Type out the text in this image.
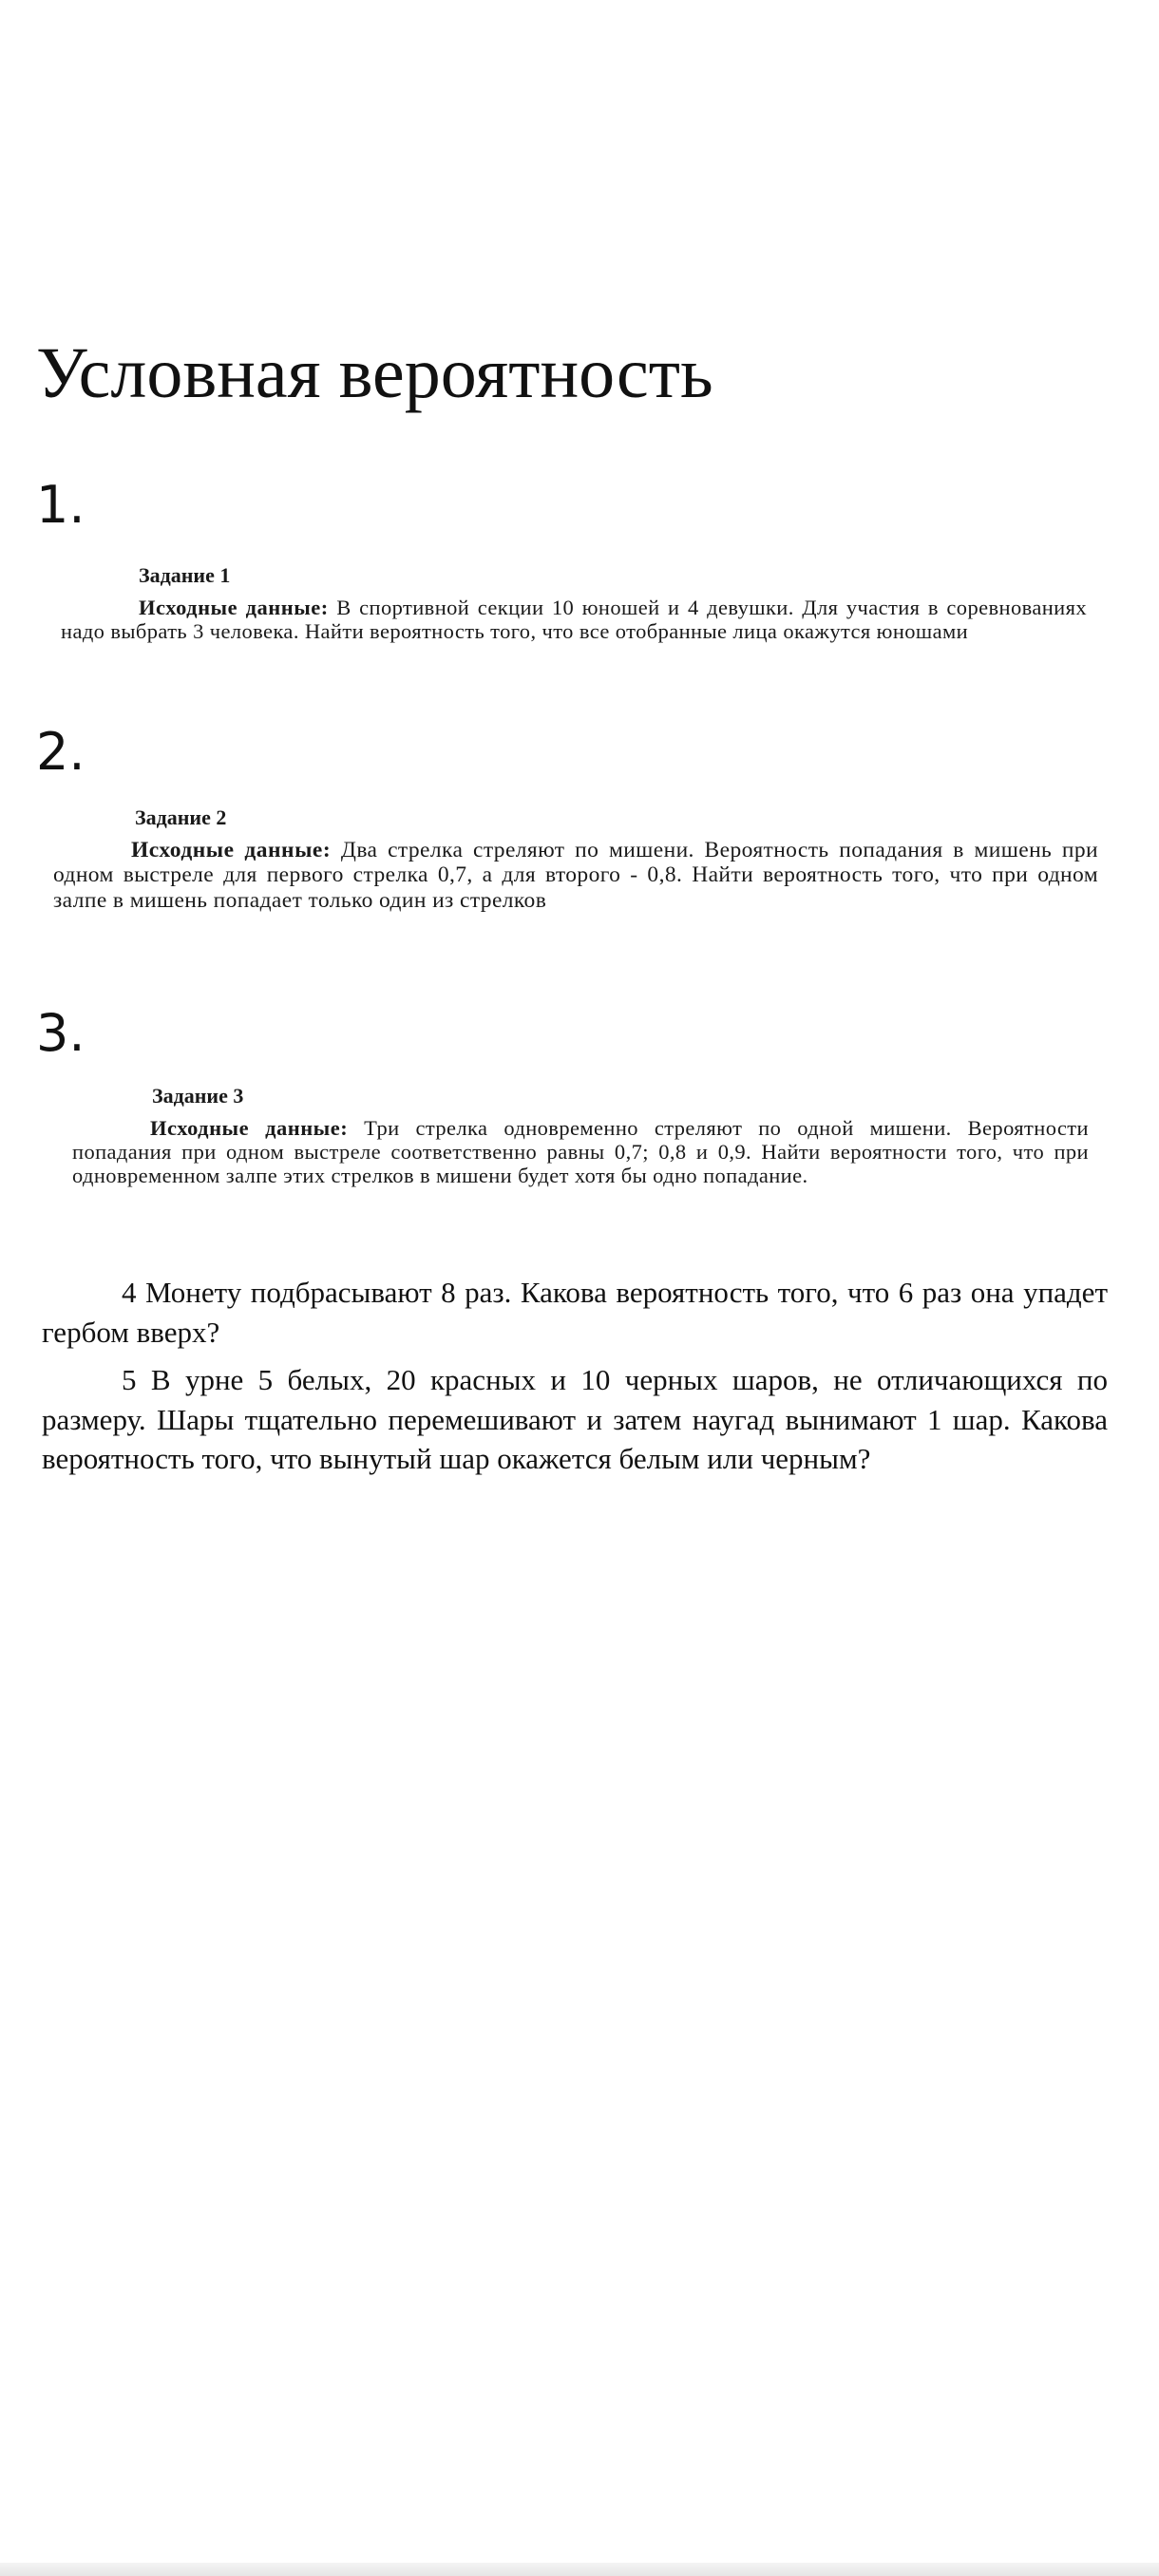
Условная вероятность
1.

Задание 1

Исходные данные: В спортивной секции 10 юношей и 4 девушки. Для участия в соревнованиях надо выбрать 3 человека. Найти вероятность того, что все отобранные лица окажутся юношами

2.

Задание 2

Исходные данные: Два стрелка стреляют по мишени. Вероятность попадания в мишень при одном выстреле для первого стрелка 0,7, а для второго - 0,8. Найти вероятность того, что при одном залпе в мишень попадает только один из стрелков

3.

Задание 3

Исходные данные: Три стрелка одновременно стреляют по одной мишени. Вероятности попадания при одном выстреле соответственно равны 0,7; 0,8 и 0,9. Найти вероятности того, что при одновременном залпе этих стрелков в мишени будет хотя бы одно попадание.

4 Монету подбрасывают 8 раз. Какова вероятность того, что 6 раз она упадет гербом вверх?

5 В урне 5 белых, 20 красных и 10 черных шаров, не отличающихся по размеру. Шары тщательно перемешивают и затем наугад вынимают 1 шар. Какова вероятность того, что вынутый шар окажется белым или черным?
